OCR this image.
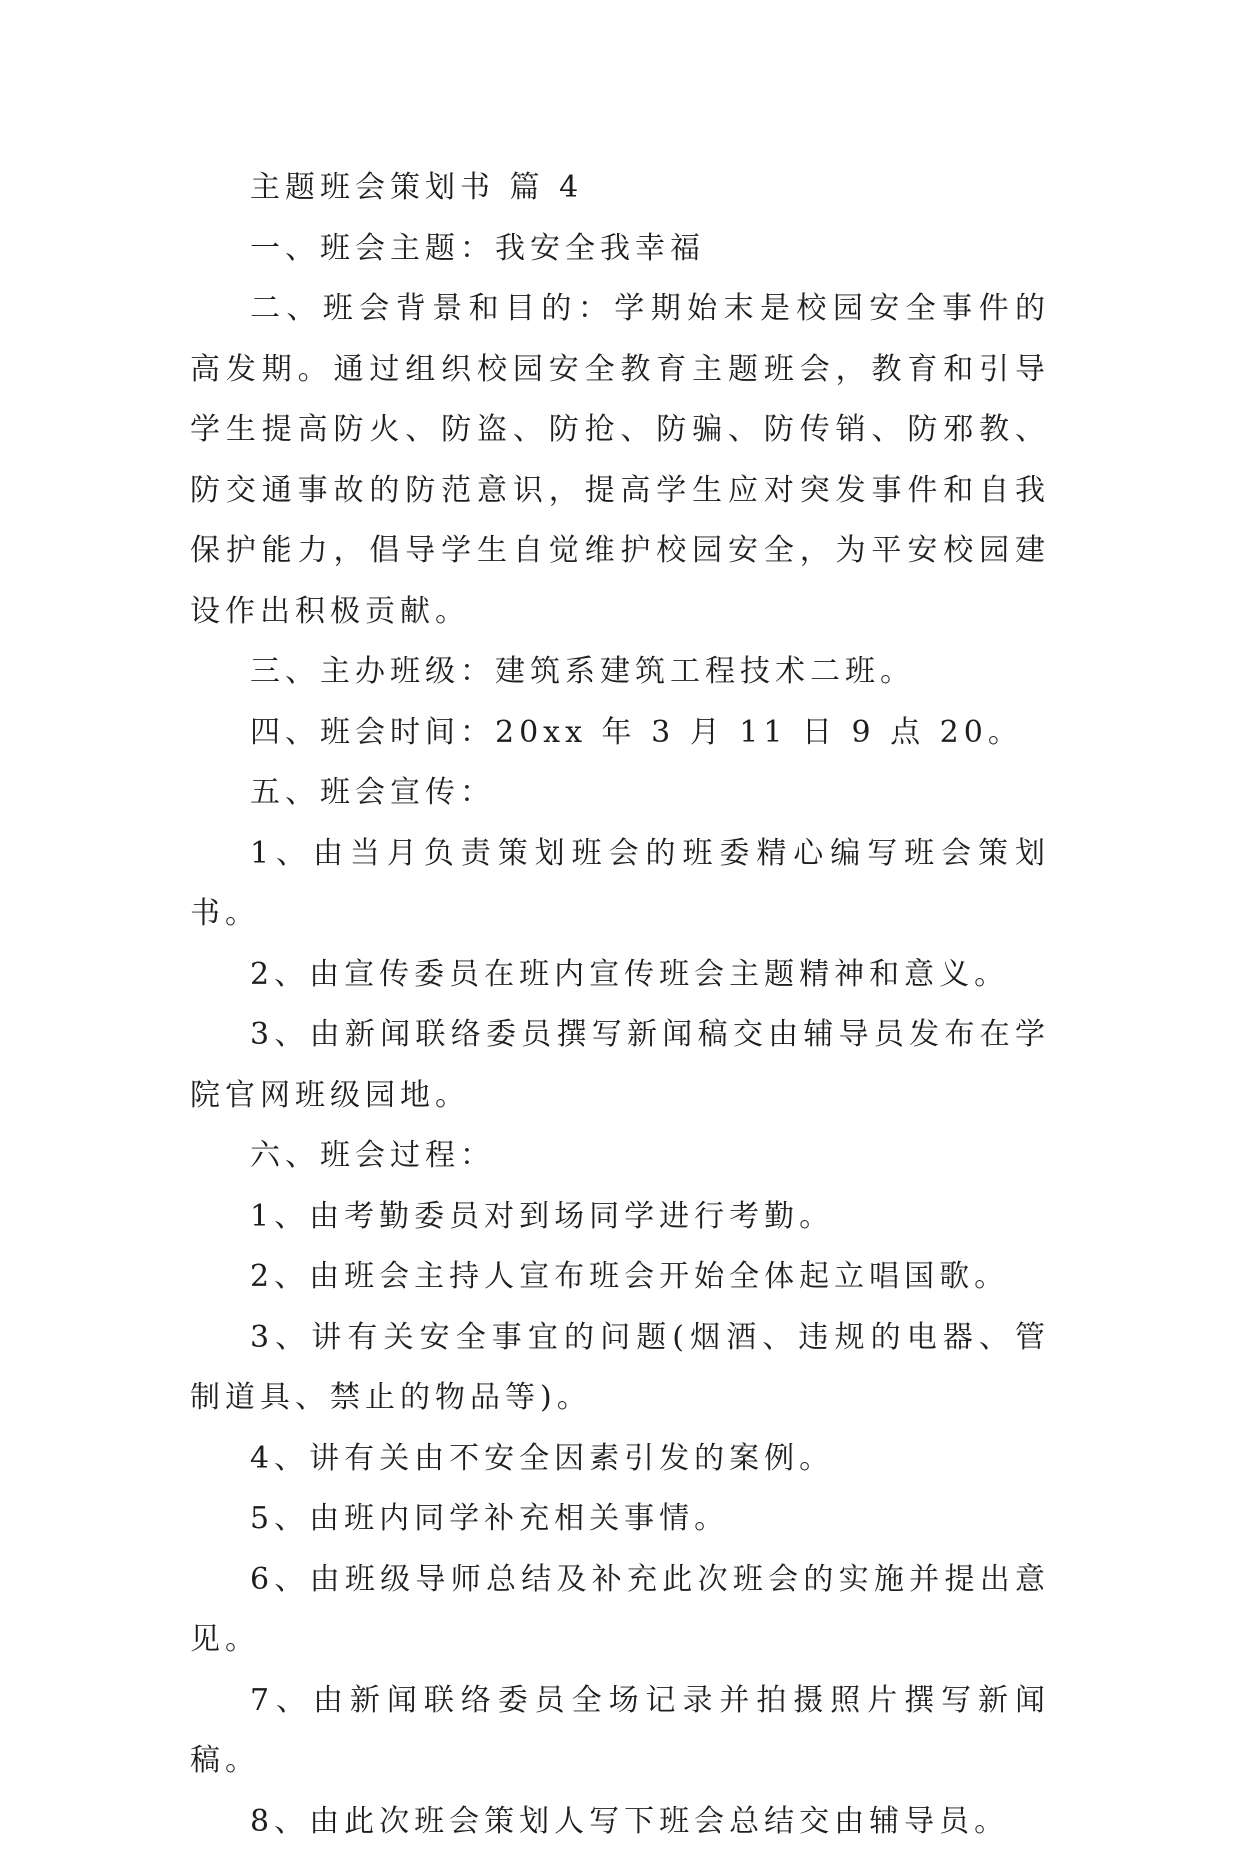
主题班会策划书 篇 4

一、班会主题：我安全我幸福

二、班会背景和目的：学期始末是校园安全事件的高发期。通过组织校园安全教育主题班会，教育和引导学生提高防火、防盗、防抢、防骗、防传销、防邪教、防交通事故的防范意识，提高学生应对突发事件和自我保护能力，倡导学生自觉维护校园安全，为平安校园建设作出积极贡献。

三、主办班级：建筑系建筑工程技术二班。

四、班会时间：20xx 年 3 月 11 日 9 点 20。

五、班会宣传：

1、由当月负责策划班会的班委精心编写班会策划书。

2、由宣传委员在班内宣传班会主题精神和意义。

3、由新闻联络委员撰写新闻稿交由辅导员发布在学院官网班级园地。

六、班会过程：

1、由考勤委员对到场同学进行考勤。

2、由班会主持人宣布班会开始全体起立唱国歌。

3、讲有关安全事宜的问题(烟酒、违规的电器、管制道具、禁止的物品等)。

4、讲有关由不安全因素引发的案例。

5、由班内同学补充相关事情。

6、由班级导师总结及补充此次班会的实施并提出意见。

7、由新闻联络委员全场记录并拍摄照片撰写新闻稿。

8、由此次班会策划人写下班会总结交由辅导员。
